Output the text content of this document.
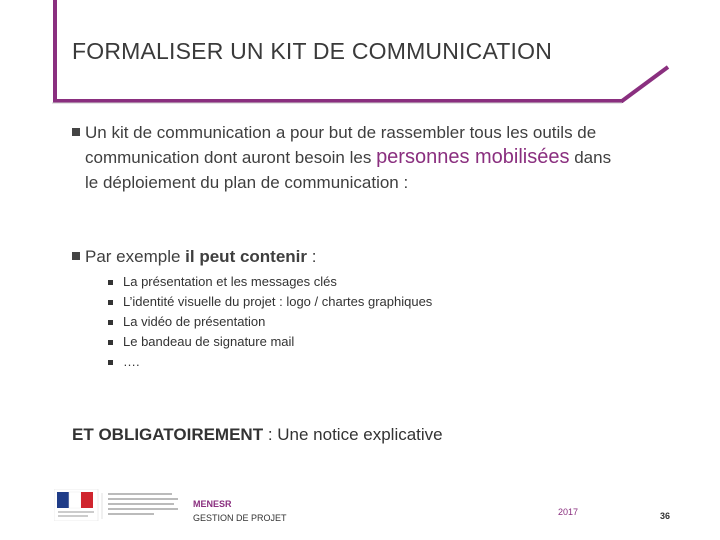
FORMALISER UN KIT DE COMMUNICATION
Un kit de communication a pour but de rassembler tous les outils de
communication dont auront besoin les personnes mobilisées dans
le déploiement du plan de communication :
Par exemple il peut contenir :
La présentation et les messages clés
L’identité visuelle du projet : logo / chartes graphiques
La vidéo de présentation
Le bandeau de signature mail
….
ET OBLIGATOIREMENT : Une notice explicative
MENESR
GESTION DE PROJET
2017	36
